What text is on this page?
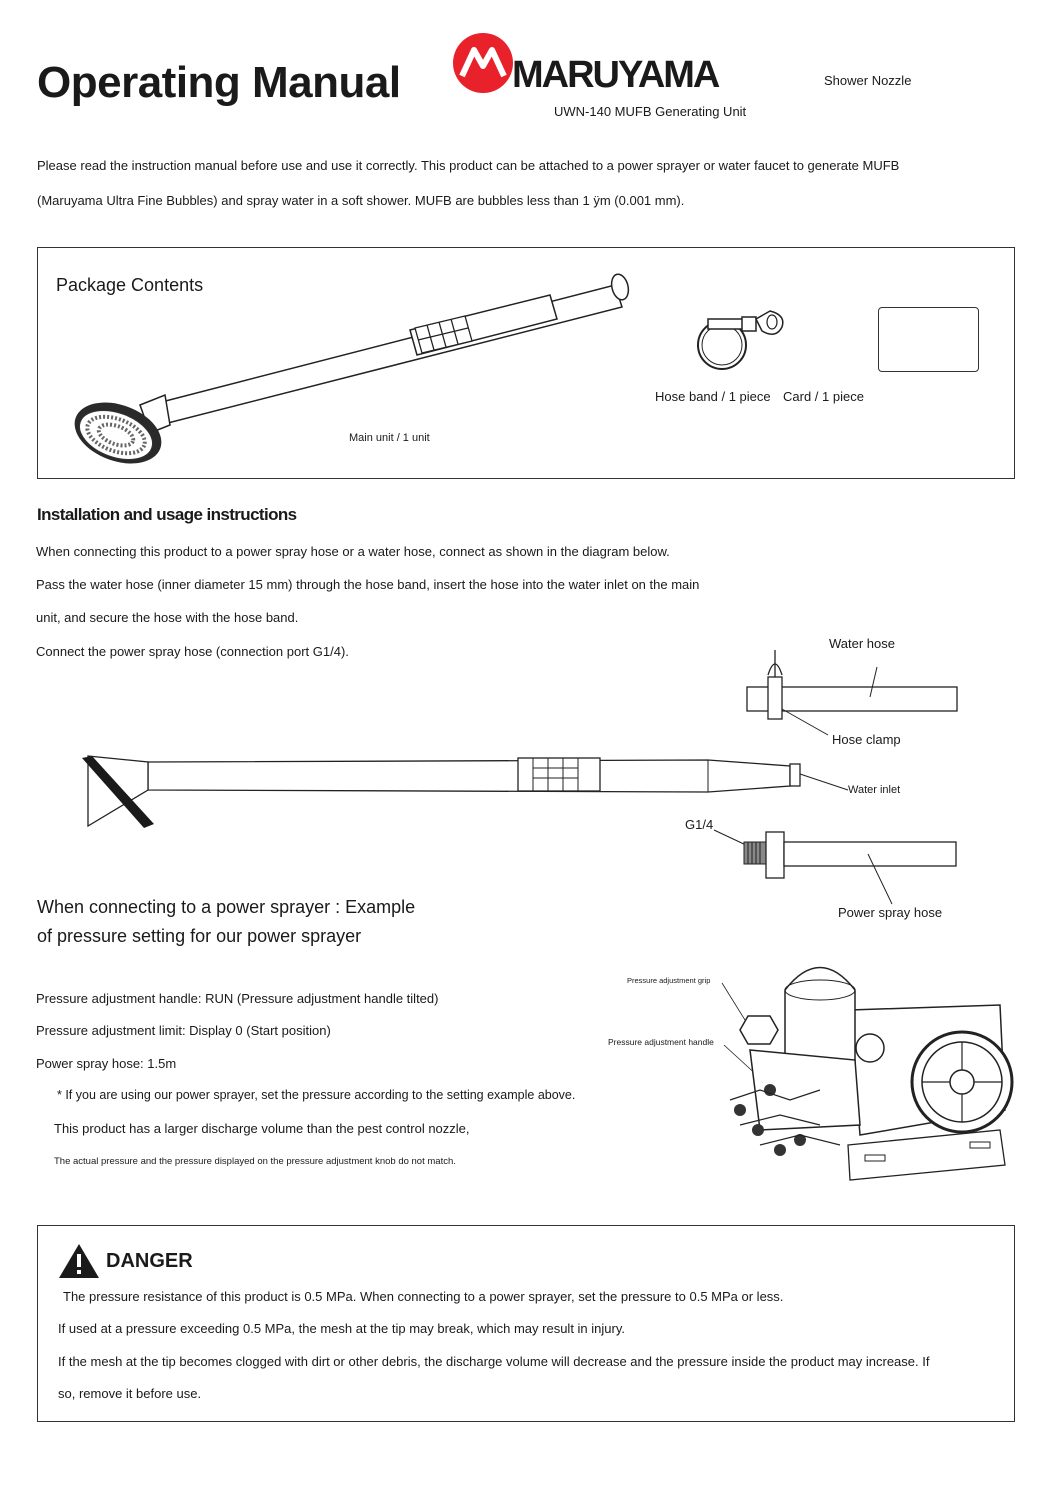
Operating Manual	MARUYAMA	Shower Nozzle
UWN-140 MUFB Generating Unit
Please read the instruction manual before use and use it correctly. This product can be attached to a power sprayer or water faucet to generate MUFB
(Maruyama Ultra Fine Bubbles) and spray water in a soft shower. MUFB are bubbles less than 1 ÿm (0.001 mm).
Package Contents
Main unit / 1 unit
Hose band / 1 piece Card / 1 piece
Installation and usage instructions
When connecting this product to a power spray hose or a water hose, connect as shown in the diagram below.
Pass the water hose (inner diameter 15 mm) through the hose band, insert the hose into the water inlet on the main
unit, and secure the hose with the hose band.
Connect the power spray hose (connection port G1/4).
Water hose
Hose clamp
Water inlet
G1/4
Power spray hose
When connecting to a power sprayer : Example
of pressure setting for our power sprayer
Pressure adjustment handle: RUN (Pressure adjustment handle tilted)
Pressure adjustment limit: Display 0 (Start position)
Power spray hose: 1.5m
* If you are using our power sprayer, set the pressure according to the setting example above.
This product has a larger discharge volume than the pest control nozzle,
The actual pressure and the pressure displayed on the pressure adjustment knob do not match.
Pressure adjustment grip
Pressure adjustment handle
DANGER
The pressure resistance of this product is 0.5 MPa. When connecting to a power sprayer, set the pressure to 0.5 MPa or less.
If used at a pressure exceeding 0.5 MPa, the mesh at the tip may break, which may result in injury.
If the mesh at the tip becomes clogged with dirt or other debris, the discharge volume will decrease and the pressure inside the product may increase. If
so, remove it before use.
